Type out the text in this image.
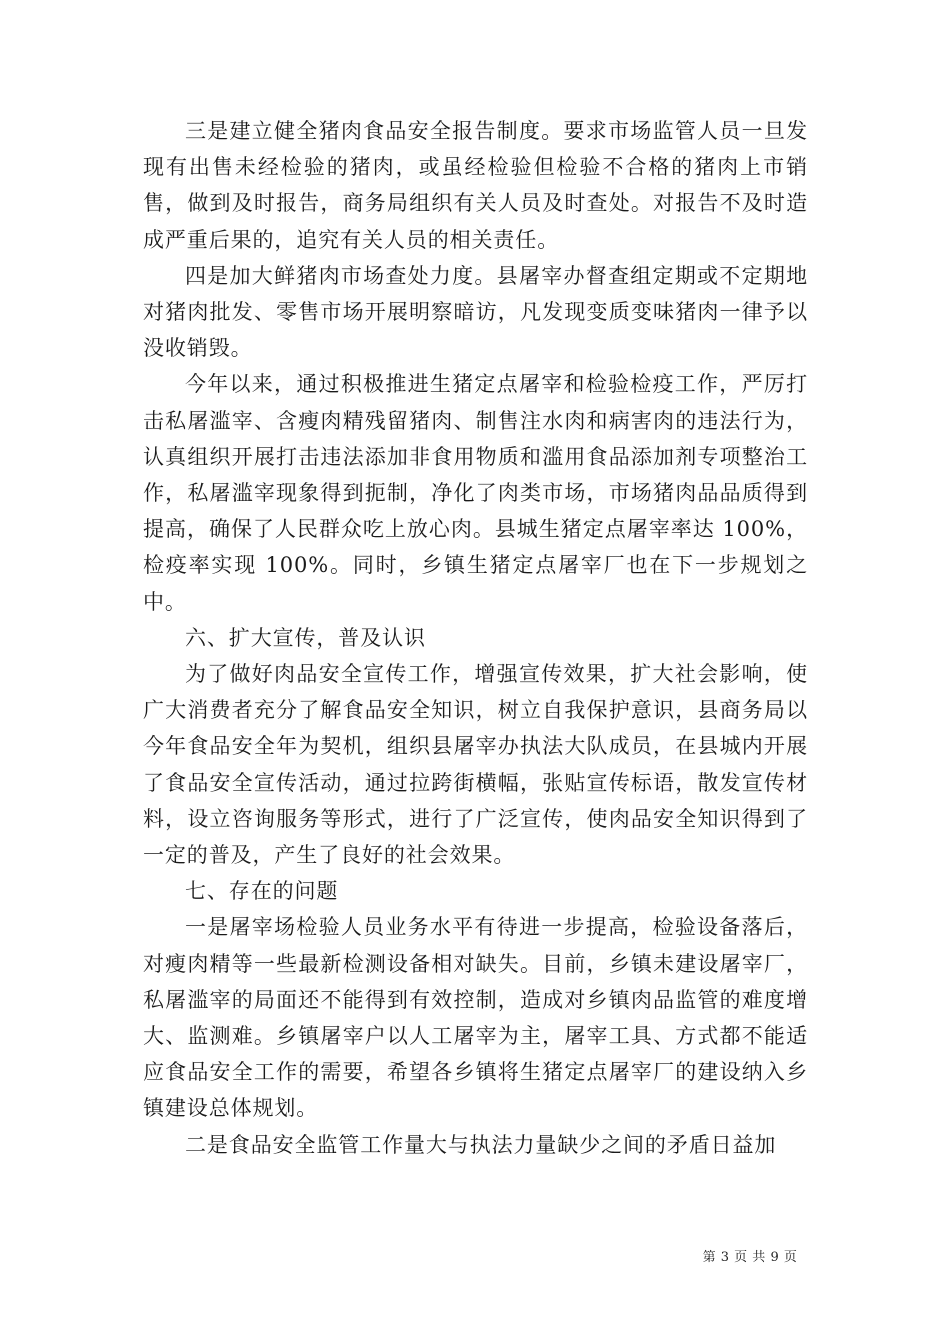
三是建立健全猪肉食品安全报告制度。要求市场监管人员一旦发现有出售未经检验的猪肉，或虽经检验但检验不合格的猪肉上市销售，做到及时报告，商务局组织有关人员及时查处。对报告不及时造成严重后果的，追究有关人员的相关责任。

四是加大鲜猪肉市场查处力度。县屠宰办督查组定期或不定期地对猪肉批发、零售市场开展明察暗访，凡发现变质变味猪肉一律予以没收销毁。

今年以来，通过积极推进生猪定点屠宰和检验检疫工作，严厉打击私屠滥宰、含瘦肉精残留猪肉、制售注水肉和病害肉的违法行为，认真组织开展打击违法添加非食用物质和滥用食品添加剂专项整治工作，私屠滥宰现象得到扼制，净化了肉类市场，市场猪肉品品质得到提高，确保了人民群众吃上放心肉。县城生猪定点屠宰率达 100%，检疫率实现 100%。同时，乡镇生猪定点屠宰厂也在下一步规划之中。

六、扩大宣传，普及认识

为了做好肉品安全宣传工作，增强宣传效果，扩大社会影响，使广大消费者充分了解食品安全知识，树立自我保护意识，县商务局以今年食品安全年为契机，组织县屠宰办执法大队成员，在县城内开展了食品安全宣传活动，通过拉跨街横幅，张贴宣传标语，散发宣传材料，设立咨询服务等形式，进行了广泛宣传，使肉品安全知识得到了一定的普及，产生了良好的社会效果。

七、存在的问题

一是屠宰场检验人员业务水平有待进一步提高，检验设备落后，对瘦肉精等一些最新检测设备相对缺失。目前，乡镇未建设屠宰厂，私屠滥宰的局面还不能得到有效控制，造成对乡镇肉品监管的难度增大、监测难。乡镇屠宰户以人工屠宰为主，屠宰工具、方式都不能适应食品安全工作的需要，希望各乡镇将生猪定点屠宰厂的建设纳入乡镇建设总体规划。

二是食品安全监管工作量大与执法力量缺少之间的矛盾日益加

第 3 页 共 9 页
